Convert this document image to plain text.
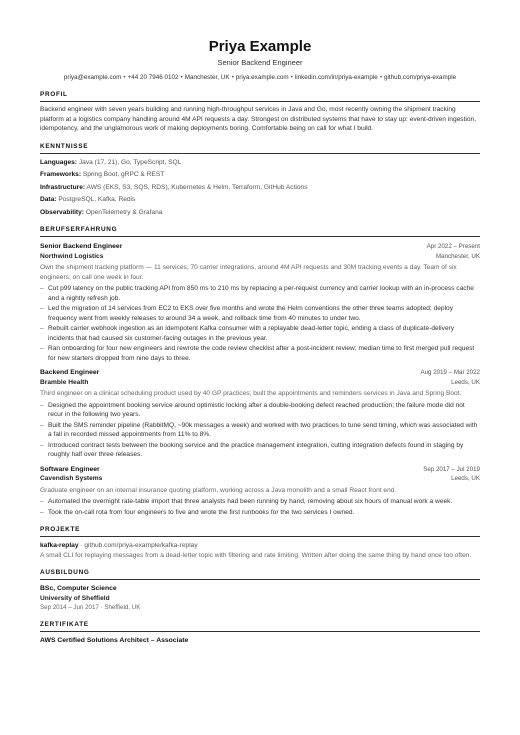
Priya Example
Senior Backend Engineer
priya@example.com • +44 20 7946 0102 • Manchester, UK • priya.example.com • linkedin.com/in/priya-example • github.com/priya-example
PROFIL
Backend engineer with seven years building and running high-throughput services in Java and Go, most recently owning the shipment tracking platform at a logistics company handling around 4M API requests a day. Strongest on distributed systems that have to stay up: event-driven ingestion, idempotency, and the unglamorous work of making deployments boring. Comfortable being on call for what I build.
KENNTNISSE
Languages: Java (17, 21), Go, TypeScript, SQL
Frameworks: Spring Boot, gRPC & REST
Infrastructure: AWS (EKS, S3, SQS, RDS), Kubernetes & Helm, Terraform, GitHub Actions
Data: PostgreSQL, Kafka, Redis
Observability: OpenTelemetry & Grafana
BERUFSERFAHRUNG
Senior Backend Engineer	Apr 2022 – Present
Northwind Logistics	Manchester, UK
Own the shipment tracking platform — 11 services, 70 carrier integrations, around 4M API requests and 30M tracking events a day. Team of six engineers; on call one week in four.
– Cut p99 latency on the public tracking API from 850 ms to 210 ms by replacing a per-request currency and carrier lookup with an in-process cache and a nightly refresh job.
– Led the migration of 14 services from EC2 to EKS over five months and wrote the Helm conventions the other three teams adopted; deploy frequency went from weekly releases to around 34 a week, and rollback time from 40 minutes to under two.
– Rebuilt carrier webhook ingestion as an idempotent Kafka consumer with a replayable dead-letter topic, ending a class of duplicate-delivery incidents that had caused six customer-facing outages in the previous year.
– Ran onboarding for four new engineers and rewrote the code review checklist after a post-incident review; median time to first merged pull request for new starters dropped from nine days to three.
Backend Engineer	Aug 2019 – Mar 2022
Bramble Health	Leeds, UK
Third engineer on a clinical scheduling product used by 40 GP practices; built the appointments and reminders services in Java and Spring Boot.
– Designed the appointment booking service around optimistic locking after a double-booking defect reached production; the failure mode did not recur in the following two years.
– Built the SMS reminder pipeline (RabbitMQ, ~90k messages a week) and worked with two practices to tune send timing, which was associated with a fall in recorded missed appointments from 11% to 8%.
– Introduced contract tests between the booking service and the practice management integration, cutting integration defects found in staging by roughly half over three releases.
Software Engineer	Sep 2017 – Jul 2019
Cavendish Systems	Leeds, UK
Graduate engineer on an internal insurance quoting platform, working across a Java monolith and a small React front end.
– Automated the overnight rate-table import that three analysts had been running by hand, removing about six hours of manual work a week.
– Took the on-call rota from four engineers to five and wrote the first runbooks for the two services I owned.
PROJEKTE
kafka-replay · github.com/priya-example/kafka-replay
A small CLI for replaying messages from a dead-letter topic with filtering and rate limiting. Written after doing the same thing by hand once too often.
AUSBILDUNG
BSc, Computer Science
University of Sheffield
Sep 2014 – Jun 2017 · Sheffield, UK
ZERTIFIKATE
AWS Certified Solutions Architect – Associate
